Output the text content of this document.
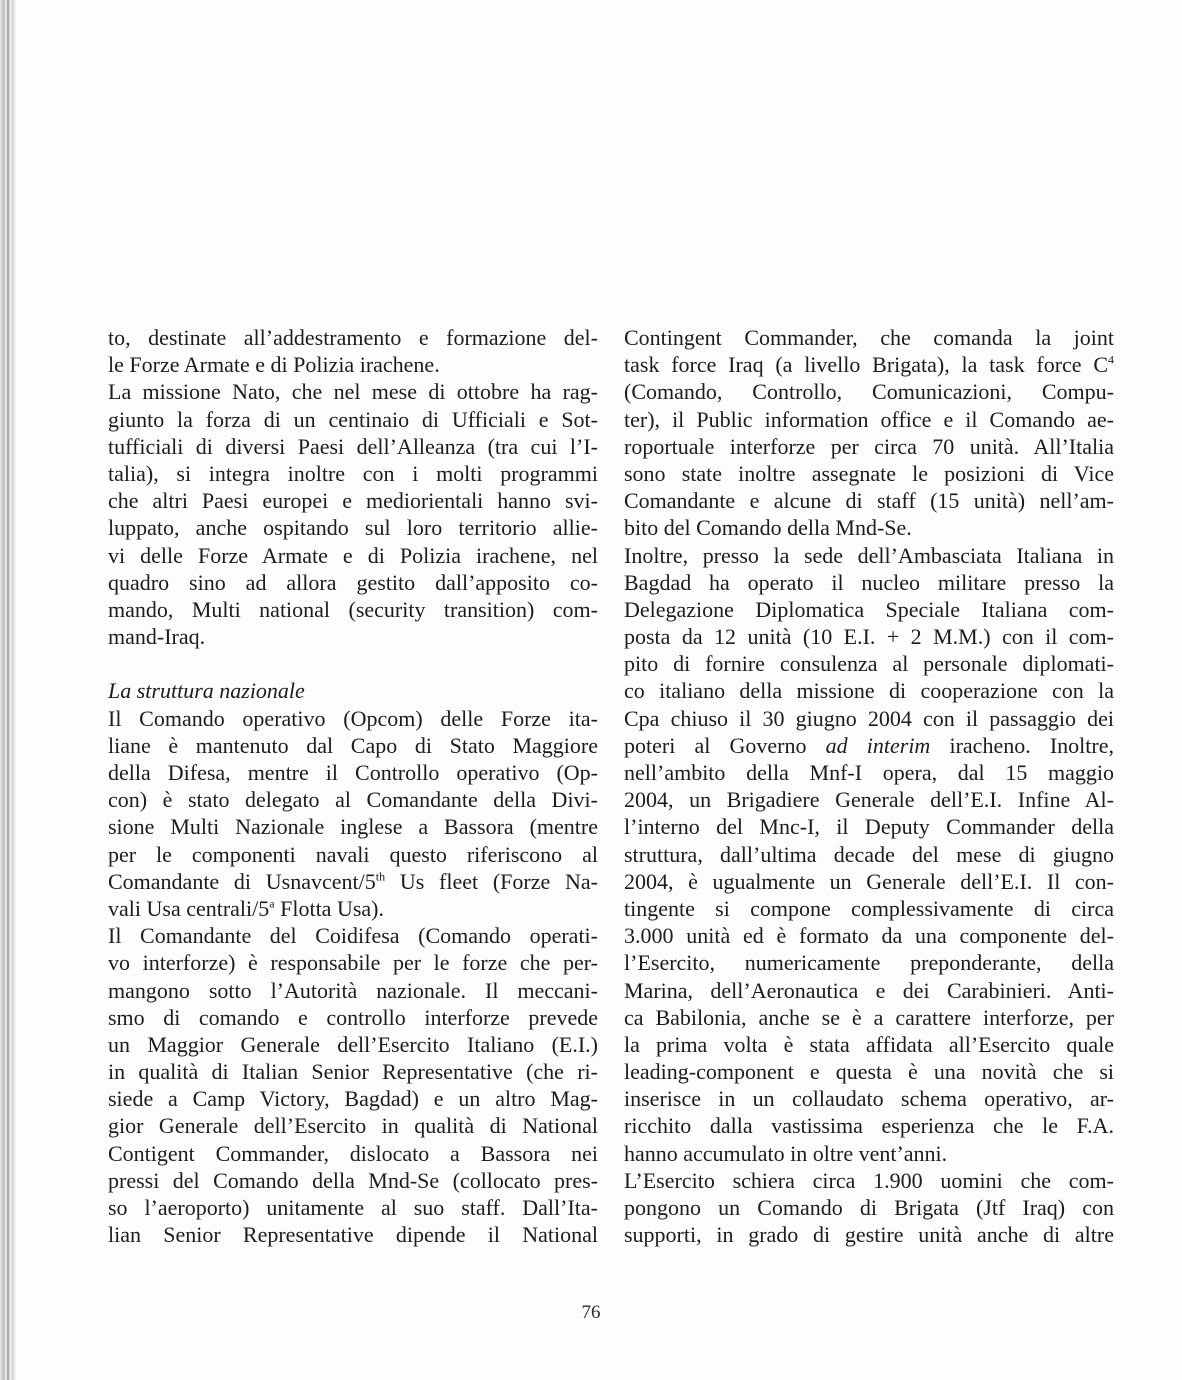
to, destinate all’addestramento e formazione del-
le Forze Armate e di Polizia irachene.
La missione Nato, che nel mese di ottobre ha rag-
giunto la forza di un centinaio di Ufficiali e Sot-
tufficiali di diversi Paesi dell’Alleanza (tra cui l’I-
talia), si integra inoltre con i molti programmi
che altri Paesi europei e mediorientali hanno svi-
luppato, anche ospitando sul loro territorio allie-
vi delle Forze Armate e di Polizia irachene, nel
quadro sino ad allora gestito dall’apposito co-
mando, Multi national (security transition) com-
mand-Iraq.
La struttura nazionale
Il Comando operativo (Opcom) delle Forze ita-
liane è mantenuto dal Capo di Stato Maggiore
della Difesa, mentre il Controllo operativo (Op-
con) è stato delegato al Comandante della Divi-
sione Multi Nazionale inglese a Bassora (mentre
per le componenti navali questo riferiscono al
Comandante di Usnavcent/5th Us fleet (Forze Na-
vali Usa centrali/5$^a$ Flotta Usa).
Il Comandante del Coidifesa (Comando operati-
vo interforze) è responsabile per le forze che per-
mangono sotto l’Autorità nazionale. Il meccani-
smo di comando e controllo interforze prevede
un Maggior Generale dell’Esercito Italiano (E.I.)
in qualità di Italian Senior Representative (che ri-
siede a Camp Victory, Bagdad) e un altro Mag-
gior Generale dell’Esercito in qualità di National
Contigent Commander, dislocato a Bassora nei
pressi del Comando della Mnd-Se (collocato pres-
so l’aeroporto) unitamente al suo staff. Dall’Ita-
lian Senior Representative dipende il National
Contingent Commander, che comanda la joint
task force Iraq (a livello Brigata), la task force $C^4$
(Comando, Controllo, Comunicazioni, Compu-
ter), il Public information office e il Comando ae-
roportuale interforze per circa 70 unità. All’Italia
sono state inoltre assegnate le posizioni di Vice
Comandante e alcune di staff (15 unità) nell’am-
bito del Comando della Mnd-Se.
Inoltre, presso la sede dell’Ambasciata Italiana in
Bagdad ha operato il nucleo militare presso la
Delegazione Diplomatica Speciale Italiana com-
posta da 12 unità (10 E.I. + 2 M.M.) con il com-
pito di fornire consulenza al personale diplomati-
co italiano della missione di cooperazione con la
Cpa chiuso il 30 giugno 2004 con il passaggio dei
poteri al Governo ad interim iracheno. Inoltre,
nell’ambito della Mnf-I opera, dal 15 maggio
2004, un Brigadiere Generale dell’E.I. Infine Al-
l’interno del Mnc-I, il Deputy Commander della
struttura, dall’ultima decade del mese di giugno
2004, è ugualmente un Generale dell’E.I. Il con-
tingente si compone complessivamente di circa
3.000 unità ed è formato da una componente del-
l’Esercito, numericamente preponderante, della
Marina, dell’Aeronautica e dei Carabinieri. Anti-
ca Babilonia, anche se è a carattere interforze, per
la prima volta è stata affidata all’Esercito quale
leading-component e questa è una novità che si
inserisce in un collaudato schema operativo, ar-
ricchito dalla vastissima esperienza che le F.A.
hanno accumulato in oltre vent’anni.
L’Esercito schiera circa 1.900 uomini che com-
pongono un Comando di Brigata (Jtf Iraq) con
supporti, in grado di gestire unità anche di altre
76
